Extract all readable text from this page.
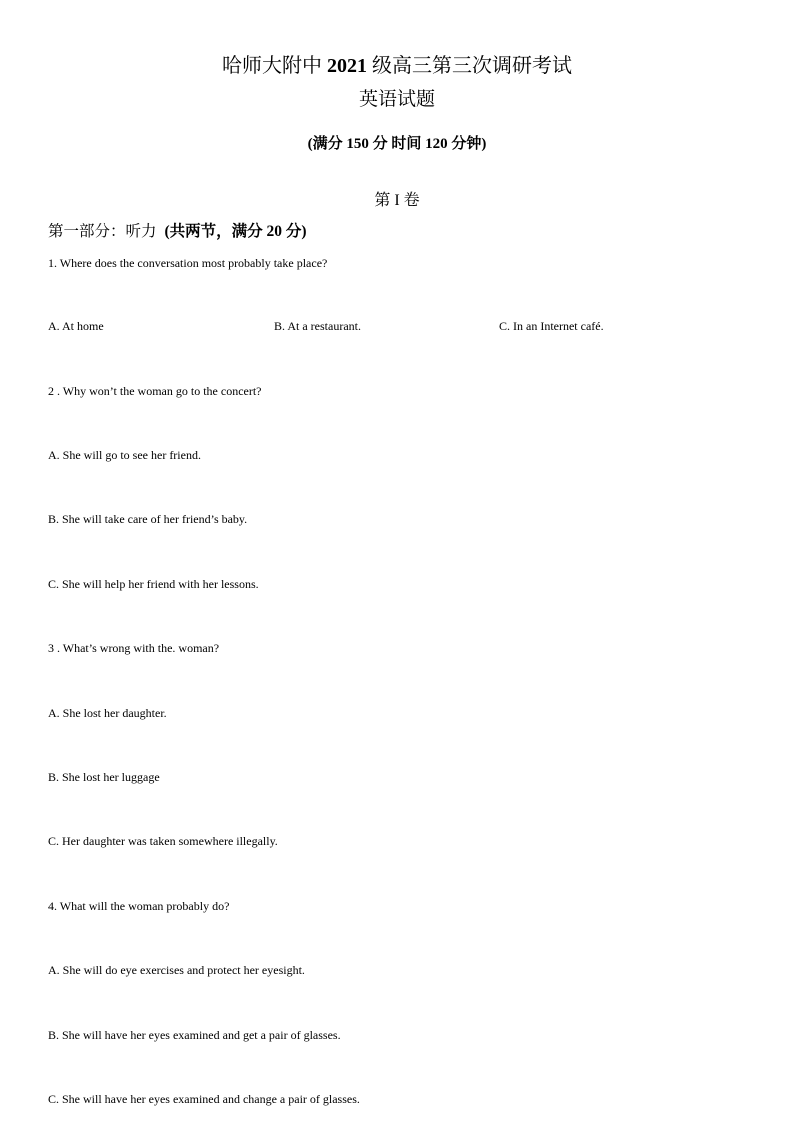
哈师大附中 2021 级高三第三次调研考试
英语试题
(满分 150 分 时间 120 分钟)
第 I 卷
第一部分：听力 (共两节，满分 20 分)
1. Where does the conversation most probably take place?
A. At home	B. At a restaurant.	C. In an Internet café.
2 . Why won’t the woman go to the concert?
A. She will go to see her friend.
B. She will take care of her friend’s baby.
C. She will help her friend with her lessons.
3 . What’s wrong with the. woman?
A. She lost her daughter.
B. She lost her luggage
C. Her daughter was taken somewhere illegally.
4. What will the woman probably do?
A. She will do eye exercises and protect her eyesight.
B. She will have her eyes examined and get a pair of glasses.
C. She will have her eyes examined and change a pair of glasses.
